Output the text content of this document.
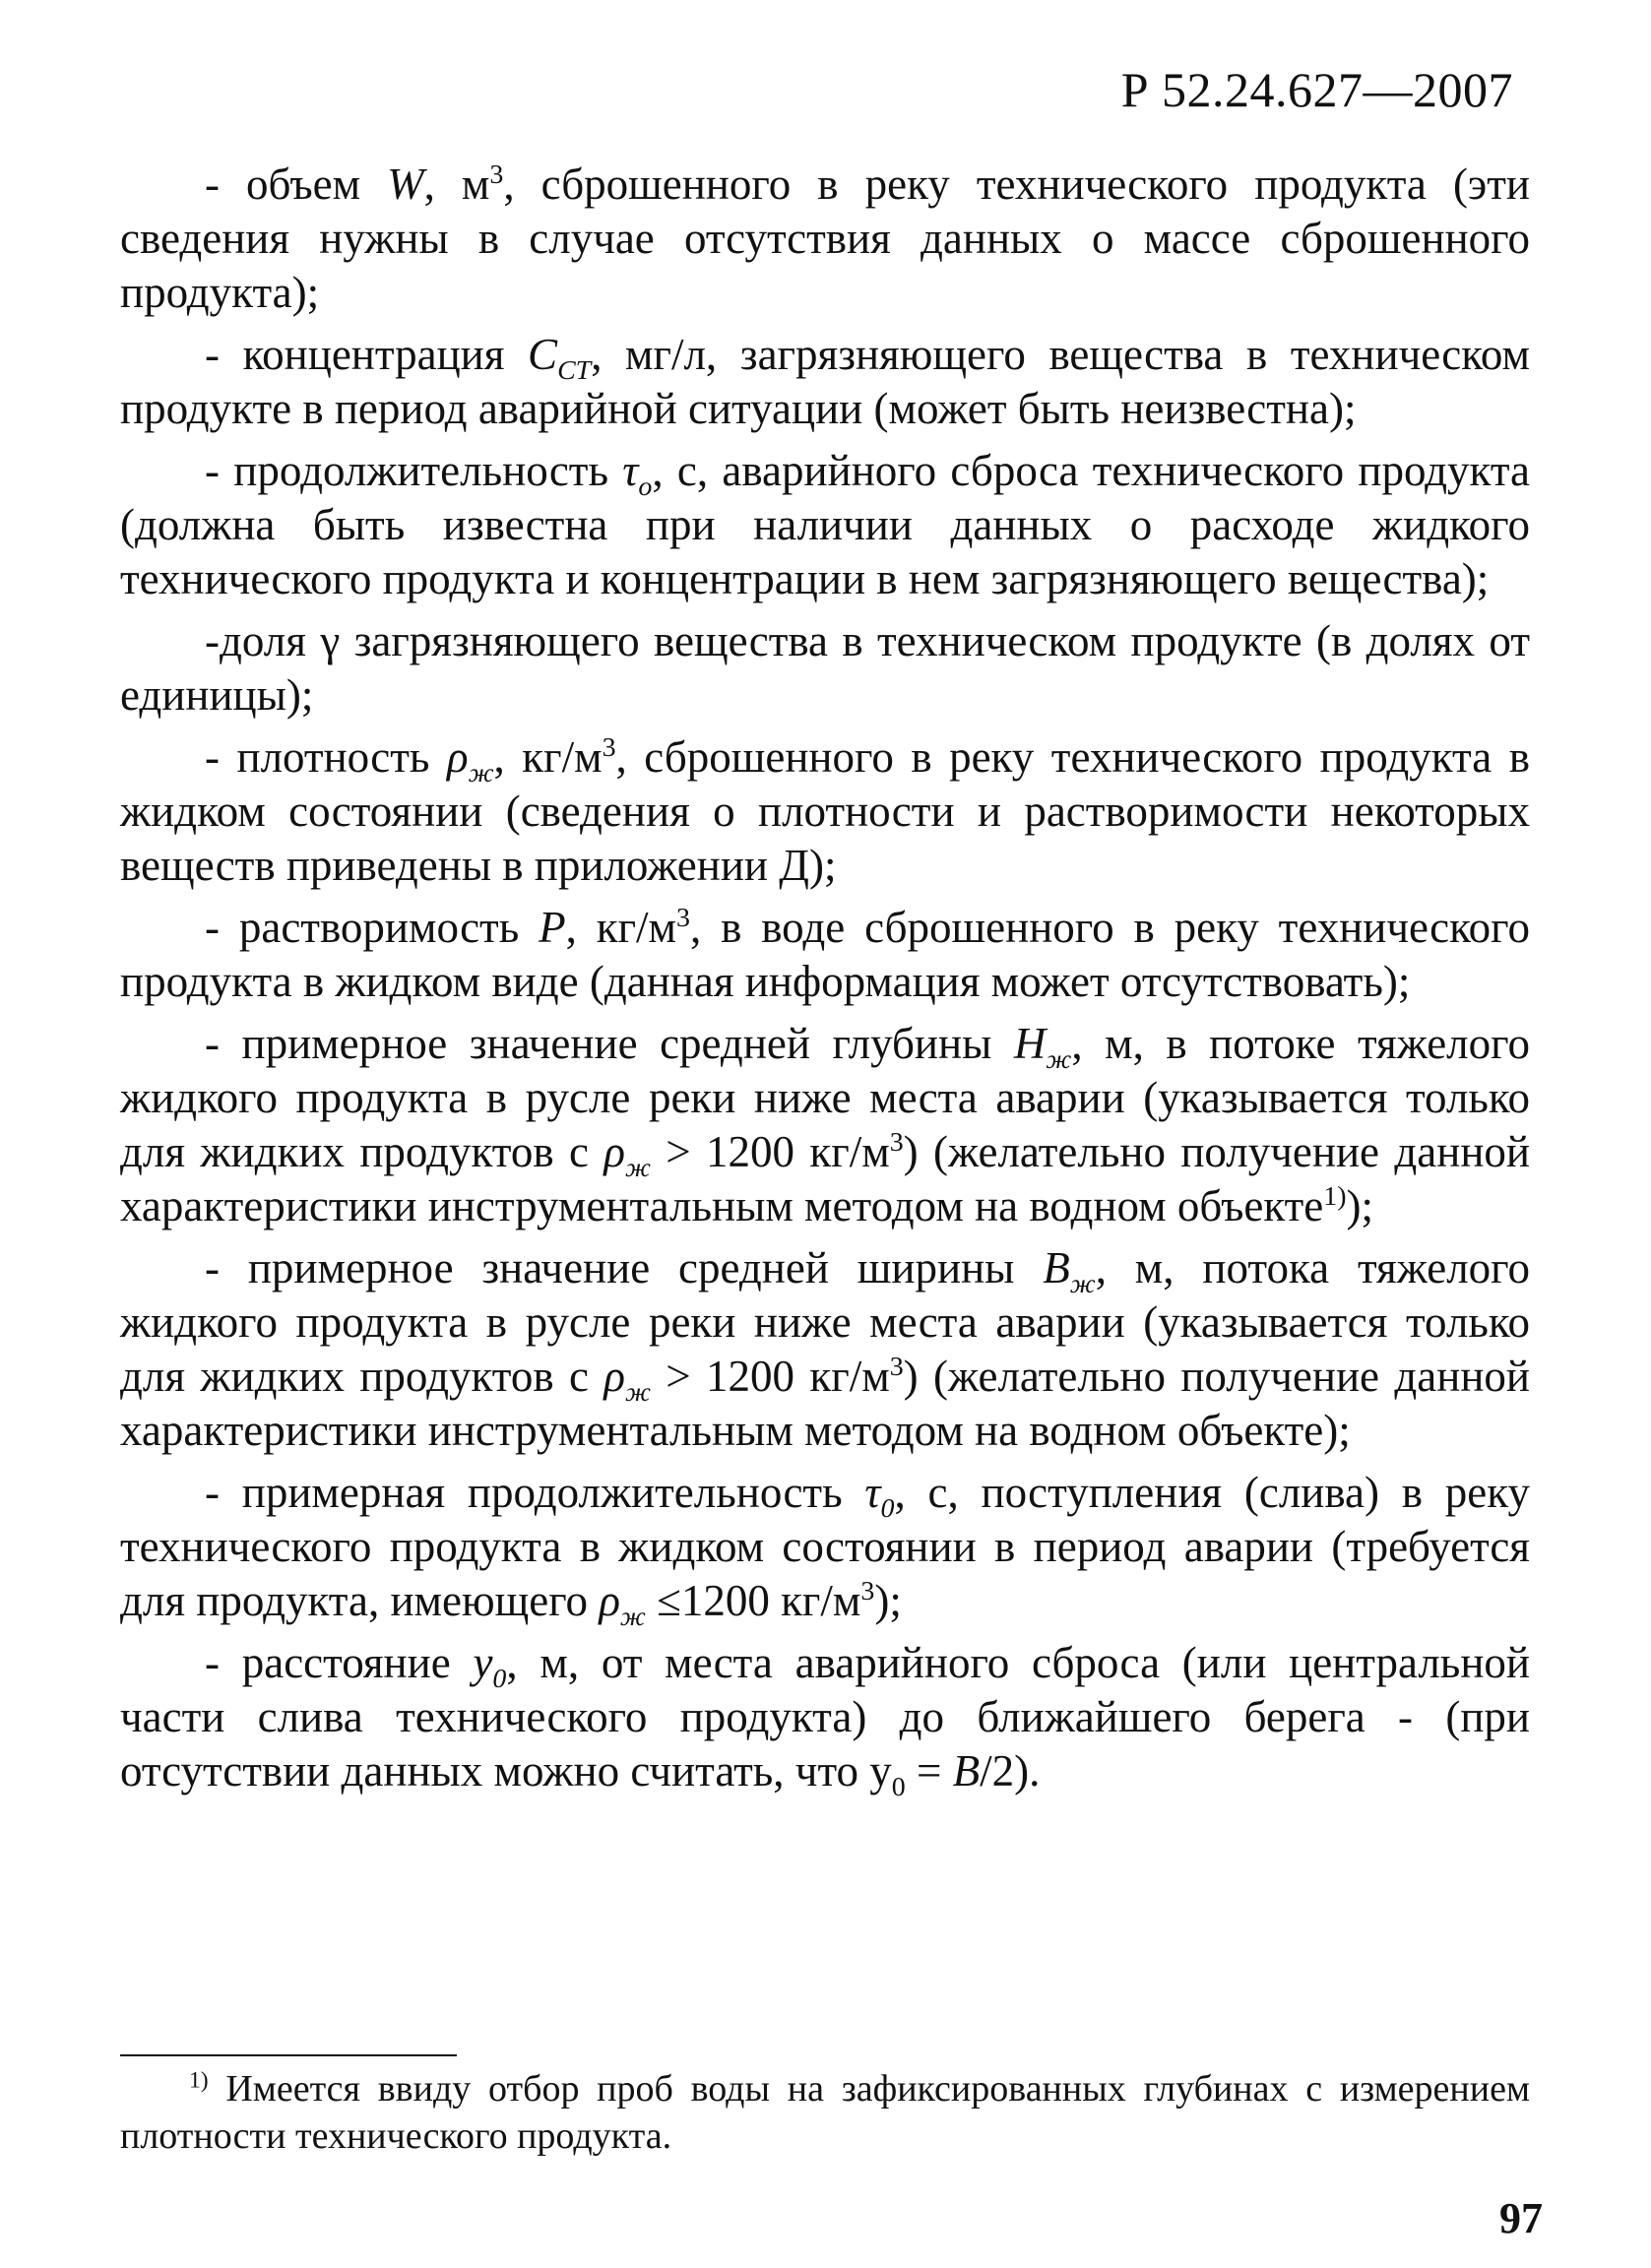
Р 52.24.627—2007

- объем W, $м^3$, сброшенного в реку технического продукта (эти сведения нужны в случае отсутствия данных о массе сброшенного продукта);

- концентрация $С_{СТ}$, мг/л, загрязняющего вещества в техническом продукте в период аварийной ситуации (может быть неизвестна);

- продолжительность $\tau_о$, с, аварийного сброса технического продукта (должна быть известна при наличии данных о расходе жидкого технического продукта и концентрации в нем загрязняющего вещества);

-доля γ загрязняющего вещества в техническом продукте (в долях от единицы);

- плотность $\rho_ж$, $кг/м^3$, сброшенного в реку технического продукта в жидком состоянии (сведения о плотности и растворимости некоторых веществ приведены в приложении Д);

- растворимость Р, $кг/м^3$, в воде сброшенного в реку технического продукта в жидком виде (данная информация может отсутствовать);

- примерное значение средней глубины $Н_ж$, м, в потоке тяжелого жидкого продукта в русле реки ниже места аварии (указывается только для жидких продуктов с $\rho_ж > 1200$ $кг/м^3$) (желательно получение данной характеристики инструментальным методом на водном объекте$^{1)}$);

- примерное значение средней ширины $В_ж$, м, потока тяжелого жидкого продукта в русле реки ниже места аварии (указывается только для жидких продуктов с $\rho_ж > 1200$ $кг/м^3$) (желательно получение данной характеристики инструментальным методом на водном объекте);

- примерная продолжительность $\tau_0$, с, поступления (слива) в реку технического продукта в жидком состоянии в период аварии (требуется для продукта, имеющего $\rho_ж \le 1200$ $кг/м^3$);

- расстояние $у_0$, м, от места аварийного сброса (или центральной части слива технического продукта) до ближайшего берега - (при отсутствии данных можно считать, что $у_0 = В/2$).

$^{1)}$ Имеется ввиду отбор проб воды на зафиксированных глубинах с измерением плотности технического продукта.

97
